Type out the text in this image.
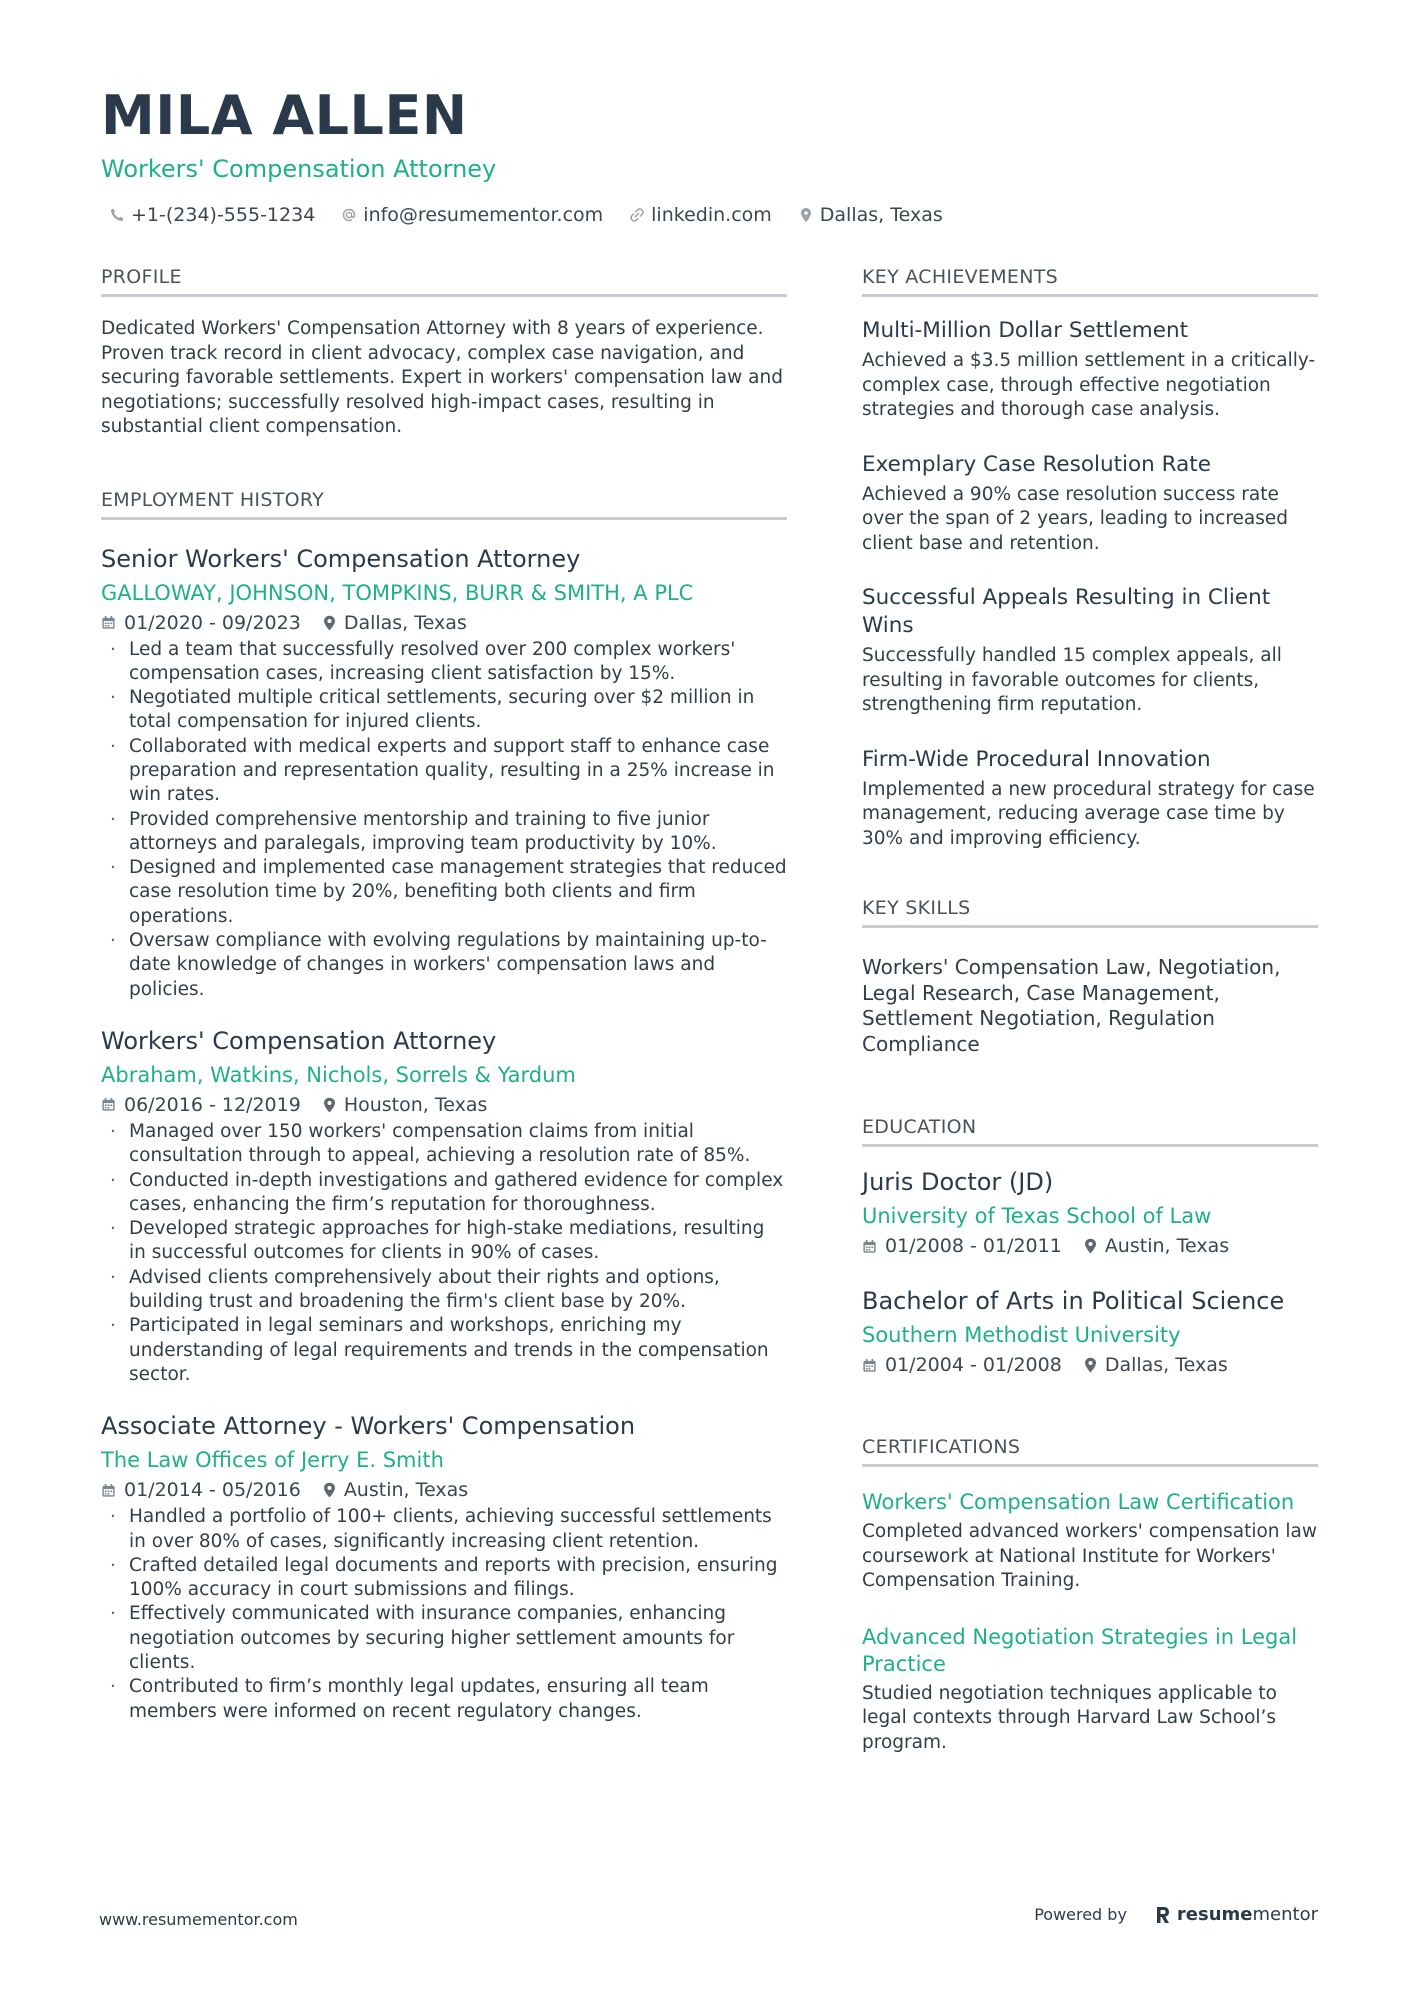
MILA ALLEN
Workers' Compensation Attorney
+1-(234)-555-1234	info@resumementor.com	linkedin.com	Dallas, Texas
PROFILE

Dedicated Workers' Compensation Attorney with 8 years of experience. Proven track record in client advocacy, complex case navigation, and securing favorable settlements. Expert in workers' compensation law and negotiations; successfully resolved high-impact cases, resulting in substantial client compensation.

EMPLOYMENT HISTORY
Senior Workers' Compensation Attorney
GALLOWAY, JOHNSON, TOMPKINS, BURR & SMITH, A PLC
01/2020 - 09/2023 Dallas, Texas
· Led a team that successfully resolved over 200 complex workers' compensation cases, increasing client satisfaction by 15%.
· Negotiated multiple critical settlements, securing over $2 million in total compensation for injured clients.
· Collaborated with medical experts and support staff to enhance case preparation and representation quality, resulting in a 25% increase in win rates.
· Provided comprehensive mentorship and training to five junior attorneys and paralegals, improving team productivity by 10%.
· Designed and implemented case management strategies that reduced case resolution time by 20%, benefiting both clients and firm operations.
· Oversaw compliance with evolving regulations by maintaining up-to-date knowledge of changes in workers' compensation laws and policies.
Workers' Compensation Attorney
Abraham, Watkins, Nichols, Sorrels & Yardum
06/2016 - 12/2019 Houston, Texas
· Managed over 150 workers' compensation claims from initial consultation through to appeal, achieving a resolution rate of 85%.
· Conducted in-depth investigations and gathered evidence for complex cases, enhancing the firm’s reputation for thoroughness.
· Developed strategic approaches for high-stake mediations, resulting in successful outcomes for clients in 90% of cases.
· Advised clients comprehensively about their rights and options, building trust and broadening the firm's client base by 20%.
· Participated in legal seminars and workshops, enriching my understanding of legal requirements and trends in the compensation sector.
Associate Attorney - Workers' Compensation
The Law Offices of Jerry E. Smith
01/2014 - 05/2016 Austin, Texas
· Handled a portfolio of 100+ clients, achieving successful settlements in over 80% of cases, significantly increasing client retention.
· Crafted detailed legal documents and reports with precision, ensuring 100% accuracy in court submissions and filings.
· Effectively communicated with insurance companies, enhancing negotiation outcomes by securing higher settlement amounts for clients.
· Contributed to firm’s monthly legal updates, ensuring all team members were informed on recent regulatory changes.
KEY ACHIEVEMENTS
Multi-Million Dollar Settlement

Achieved a $3.5 million settlement in a critically-complex case, through effective negotiation strategies and thorough case analysis.

Exemplary Case Resolution Rate

Achieved a 90% case resolution success rate over the span of 2 years, leading to increased client base and retention.

Successful Appeals Resulting in Client Wins

Successfully handled 15 complex appeals, all resulting in favorable outcomes for clients, strengthening firm reputation.

Firm-Wide Procedural Innovation

Implemented a new procedural strategy for case management, reducing average case time by 30% and improving efficiency.

KEY SKILLS

Workers' Compensation Law, Negotiation, Legal Research, Case Management, Settlement Negotiation, Regulation Compliance

EDUCATION
Juris Doctor (JD)
University of Texas School of Law
01/2008 - 01/2011 Austin, Texas
Bachelor of Arts in Political Science
Southern Methodist University
01/2004 - 01/2008 Dallas, Texas
CERTIFICATIONS
Workers' Compensation Law Certification

Completed advanced workers' compensation law coursework at National Institute for Workers' Compensation Training.

Advanced Negotiation Strategies in Legal Practice

Studied negotiation techniques applicable to legal contexts through Harvard Law School’s program.

www.resumementor.com	Powered by	resumementor
